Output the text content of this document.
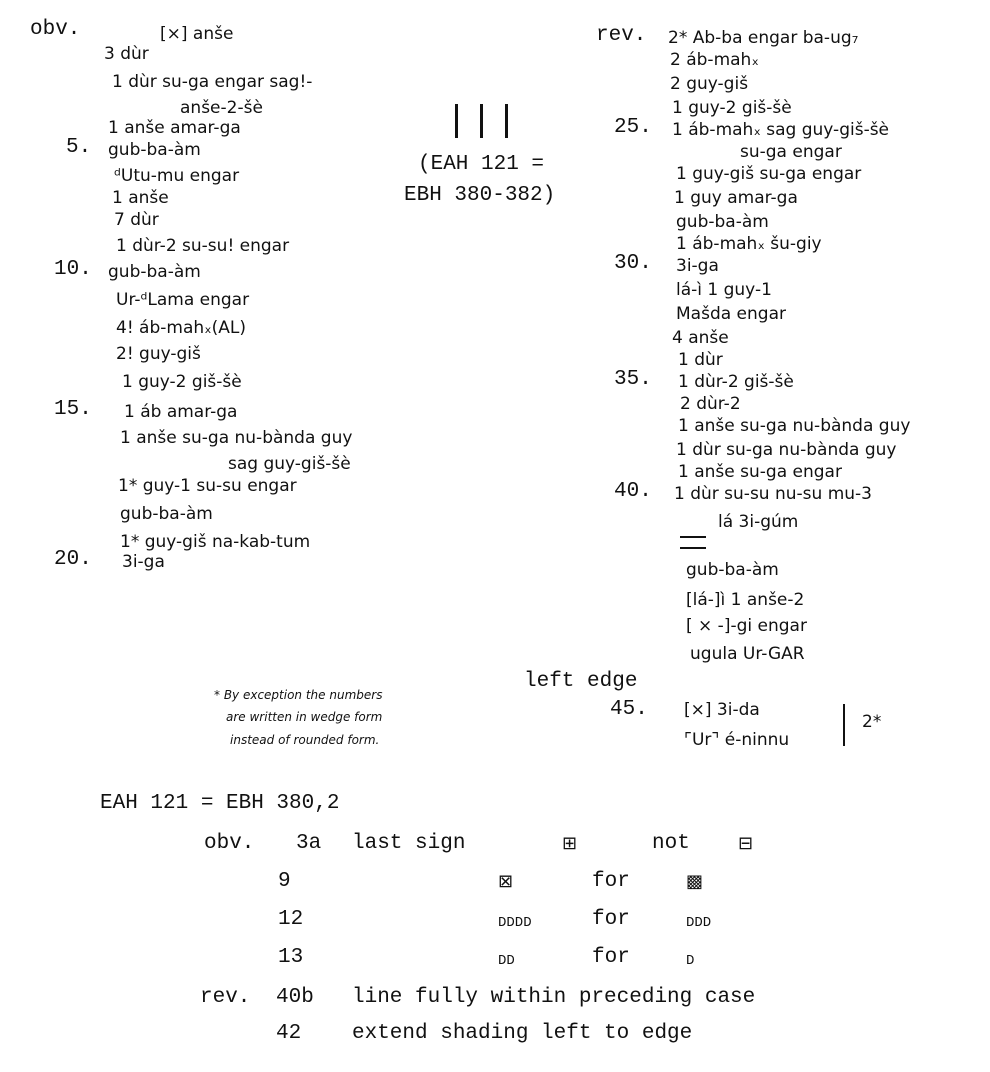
obv.	[×] anše
3 dùr
1 dùr su-ga engar sag!-
anše-2-šè
1 anše amar-ga
5. gub-ba-àm
ᵈUtu-mu engar
1 anše
7 dùr
1 dùr-2 su-su! engar
10. gub-ba-àm
Ur-ᵈLama engar
4! áb-mahₓ(AL)
2! guy-giš
1 guy-2 giš-šè
15. 1 áb amar-ga
1 anše su-ga nu-bànda guy
sag guy-giš-šè
1* guy-1 su-su engar
gub-ba-àm
1* guy-giš na-kab-tum
20. 3i-ga
(EAH 121 =
EBH 380-382)
rev. 2* Ab-ba engar ba-ug₇
2 áb-mahₓ
2 guy-giš
1 guy-2 giš-šè
25. 1 áb-mahₓ sag guy-giš-šè
su-ga engar
1 guy-giš su-ga engar
1 guy amar-ga
gub-ba-àm
1 áb-mahₓ šu-giy
30. 3i-ga
lá-ì 1 guy-1
Mašda engar
4 anše
1 dùr
35. 1 dùr-2 giš-šè
2 dùr-2
1 anše su-ga nu-bànda guy
1 dùr su-ga nu-bànda guy
1 anše su-ga engar
40. 1 dùr su-su nu-su mu-3
lá 3i-gúm
gub-ba-àm
[lá-]ì 1 anše-2
[ × -]-gi engar
ugula Ur-GAR
left edge
45. [×] 3i-da
⌜Ur⌝ é-ninnu
2*
* By exception the numbers
are written in wedge form
instead of rounded form.
EAH 121 = EBH 380,2
obv. 3a last sign	⊞	not	⊟
9	⊠	for	▩
12	DDDD	for	DDD
13	DD	for	D
rev. 40b line fully within preceding case
42 extend shading left to edge
